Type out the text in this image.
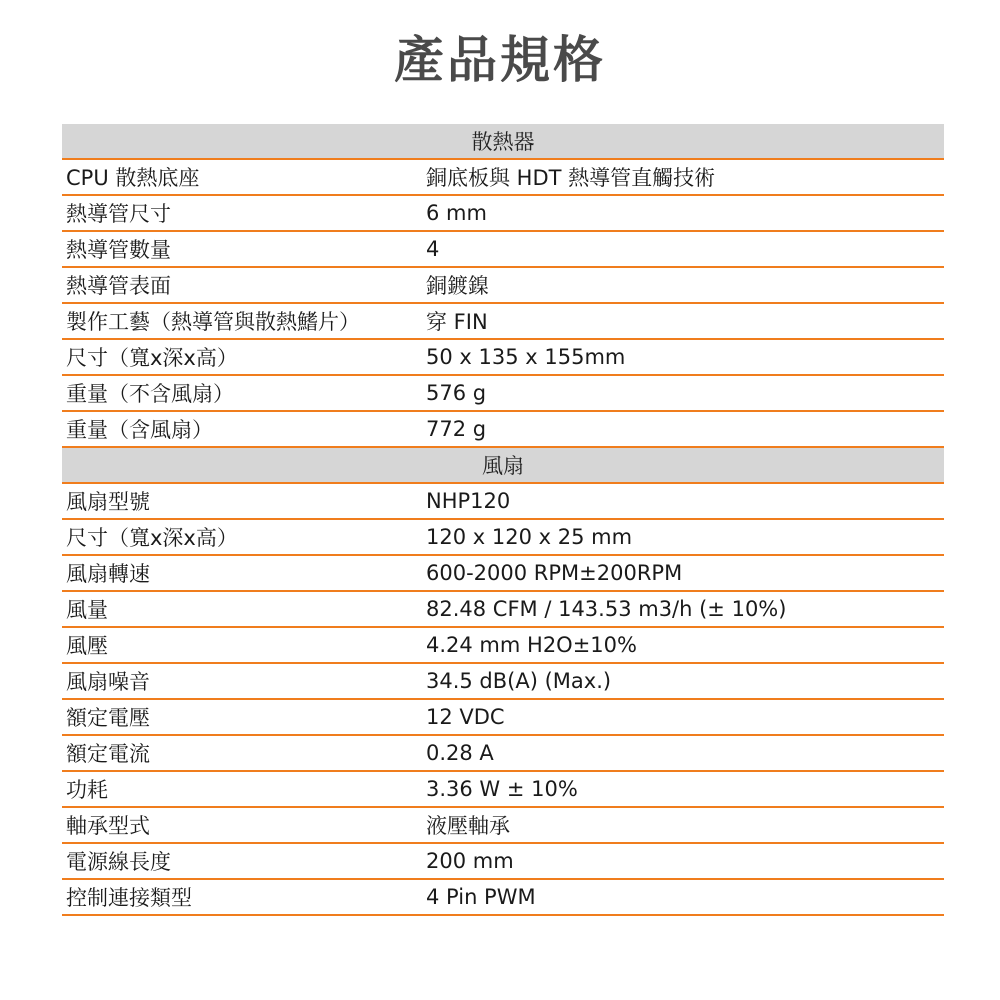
產品規格
散熱器
CPU 散熱底座	銅底板與 HDT 熱導管直觸技術
熱導管尺寸	6 mm
熱導管數量	4
熱導管表面	銅鍍鎳
製作工藝（熱導管與散熱鰭片）	穿 FIN
尺寸（寬x深x高）	50 x 135 x 155mm
重量（不含風扇）	576 g
重量（含風扇）	772 g
風扇
風扇型號	NHP120
尺寸（寬x深x高）	120 x 120 x 25 mm
風扇轉速	600-2000 RPM±200RPM
風量	82.48 CFM / 143.53 m3/h (± 10%)
風壓	4.24 mm H2O±10%
風扇噪音	34.5 dB(A) (Max.)
額定電壓	12 VDC
額定電流	0.28 A
功耗	3.36 W ± 10%
軸承型式	液壓軸承
電源線長度	200 mm
控制連接類型	4 Pin PWM
